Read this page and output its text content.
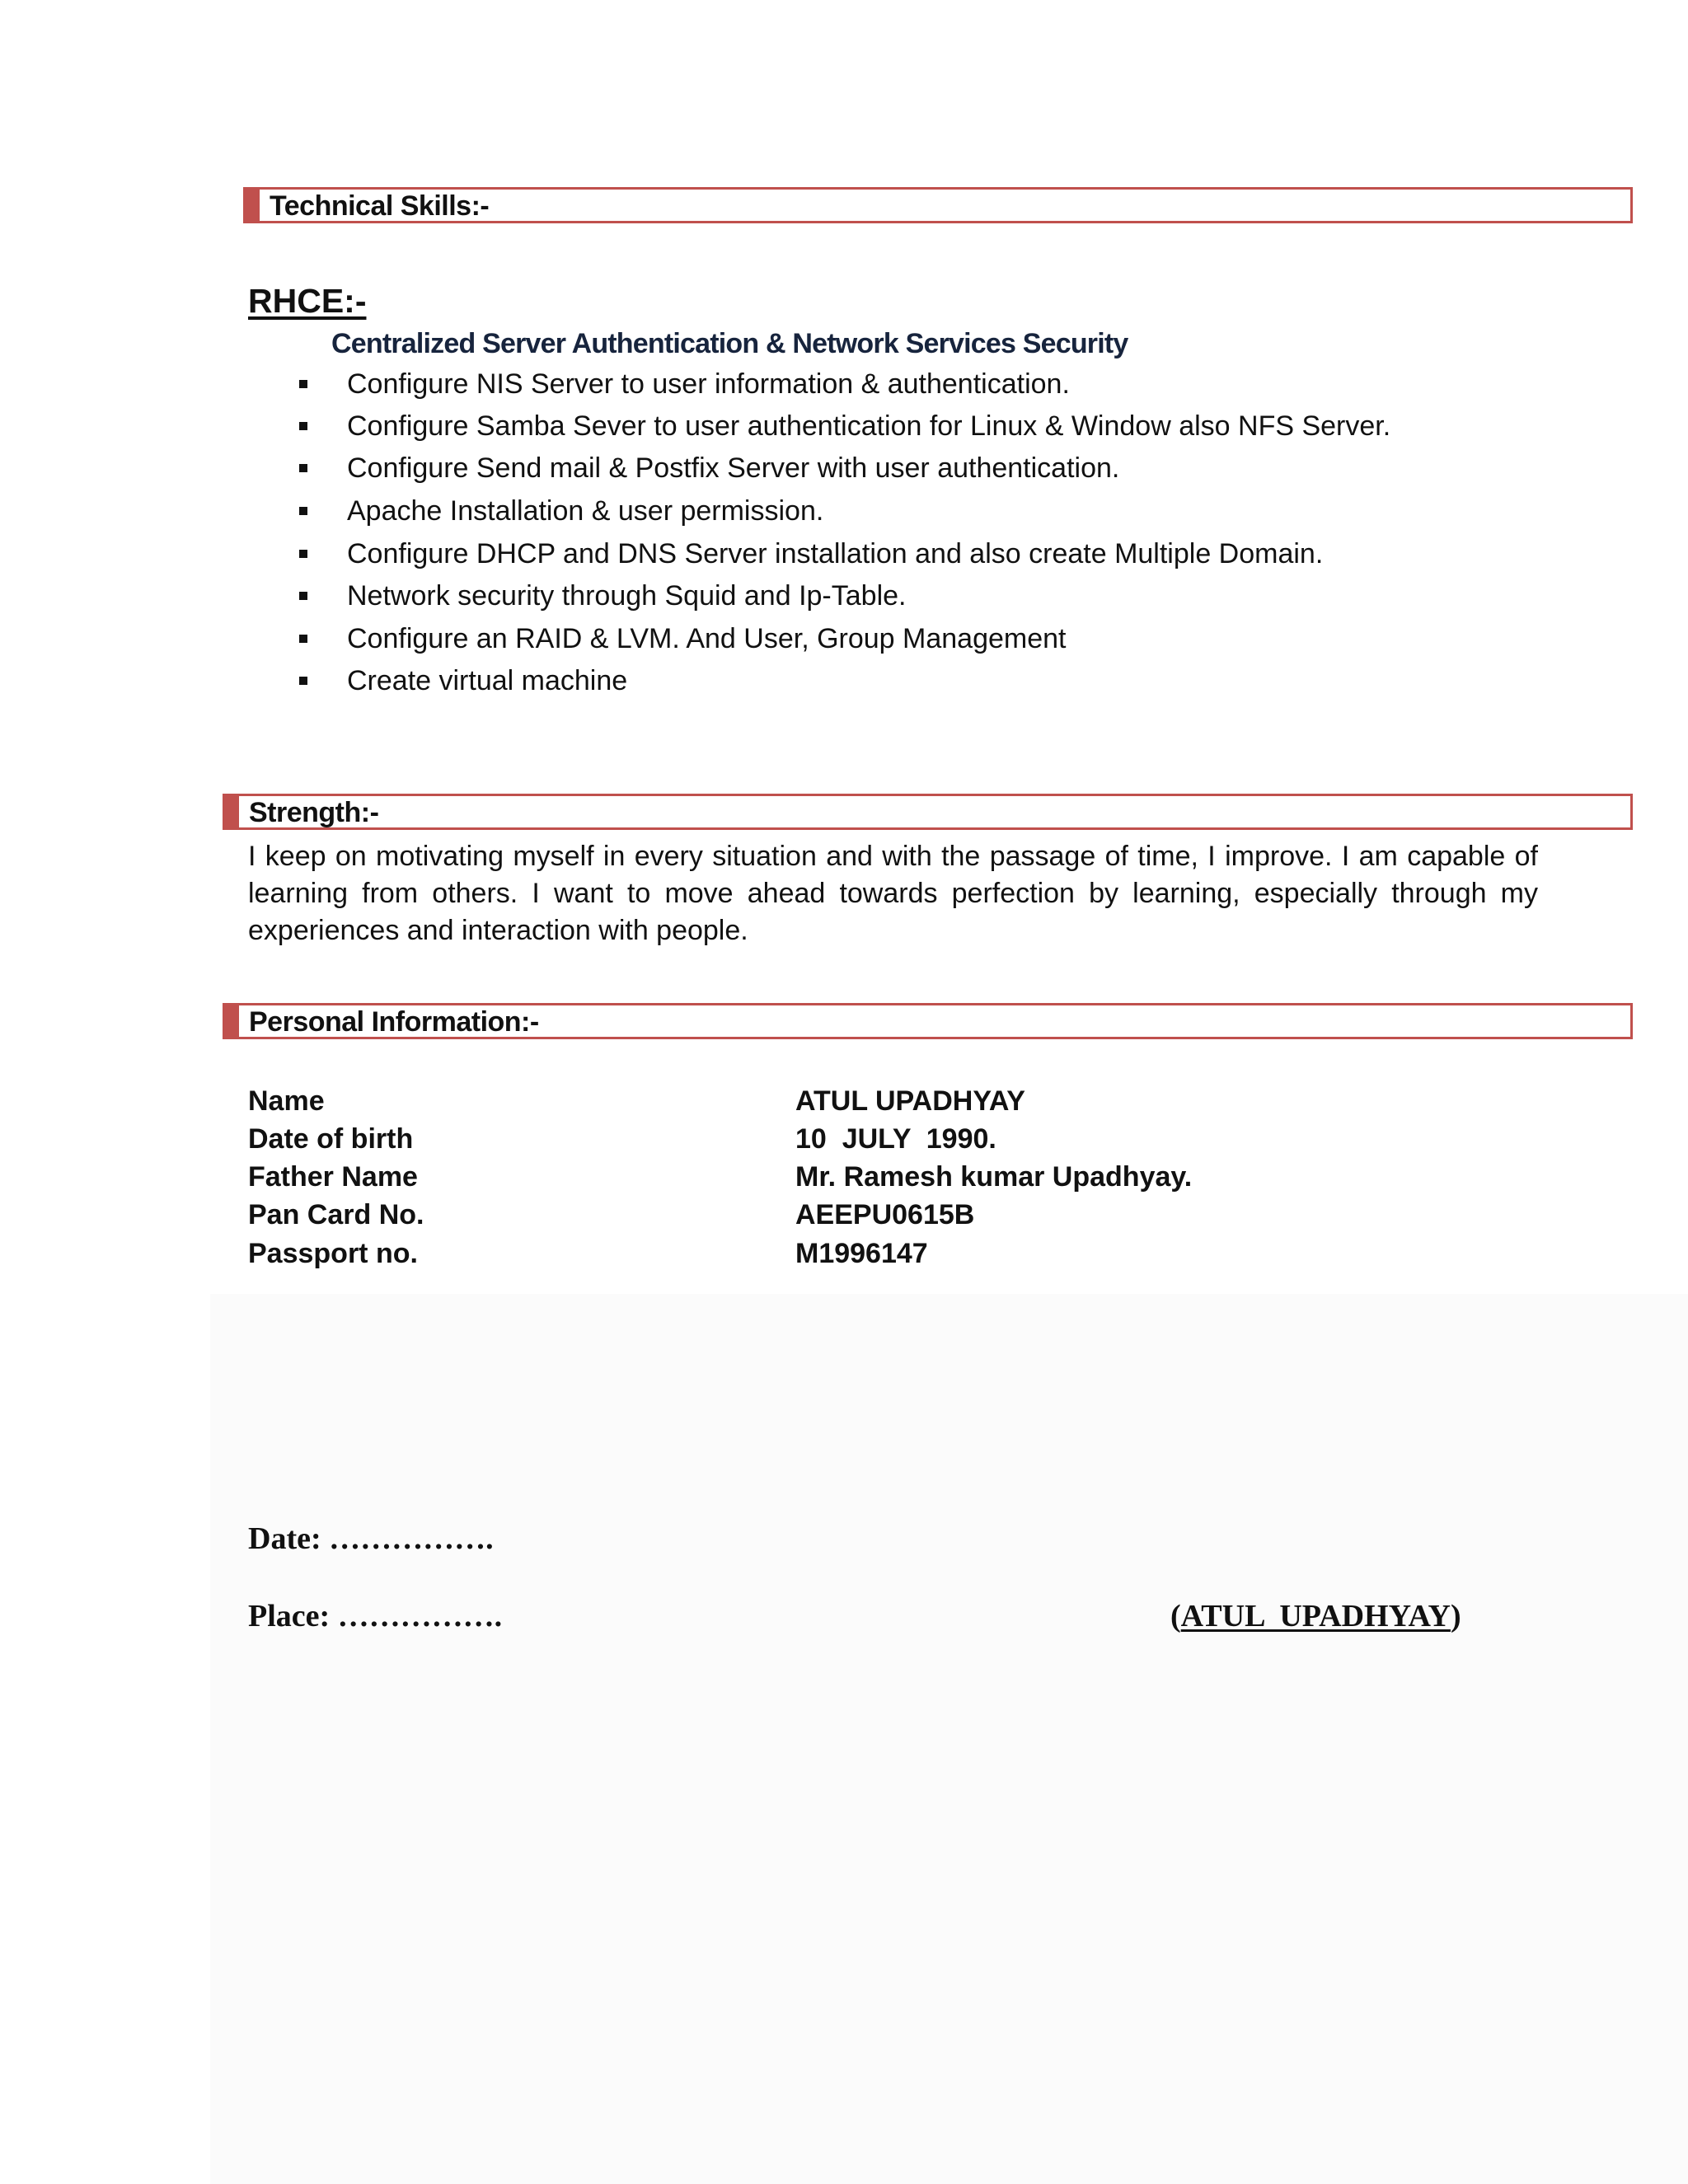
Technical Skills:-
RHCE:-
Centralized Server Authentication & Network Services Security
Configure NIS Server to user information & authentication.
Configure Samba Sever to user authentication for Linux & Window also NFS Server.
Configure Send mail & Postfix Server with user authentication.
Apache Installation & user permission.
Configure DHCP and DNS Server installation and also create Multiple Domain.
Network security through Squid and Ip-Table.
Configure an RAID & LVM. And User, Group Management
Create virtual machine
Strength:-
I keep on motivating myself in every situation and with the passage of time, I improve. I am capable of learning from others. I want to move ahead towards perfection by learning, especially through my experiences and interaction with people.
Personal Information:-
Name	ATUL UPADHYAY
Date of birth	10  JULY  1990.
Father Name	Mr. Ramesh kumar Upadhyay.
Pan Card No.	AEEPU0615B
Passport no.	M1996147
Date: …………….
Place: …………….	(ATUL  UPADHYAY)
